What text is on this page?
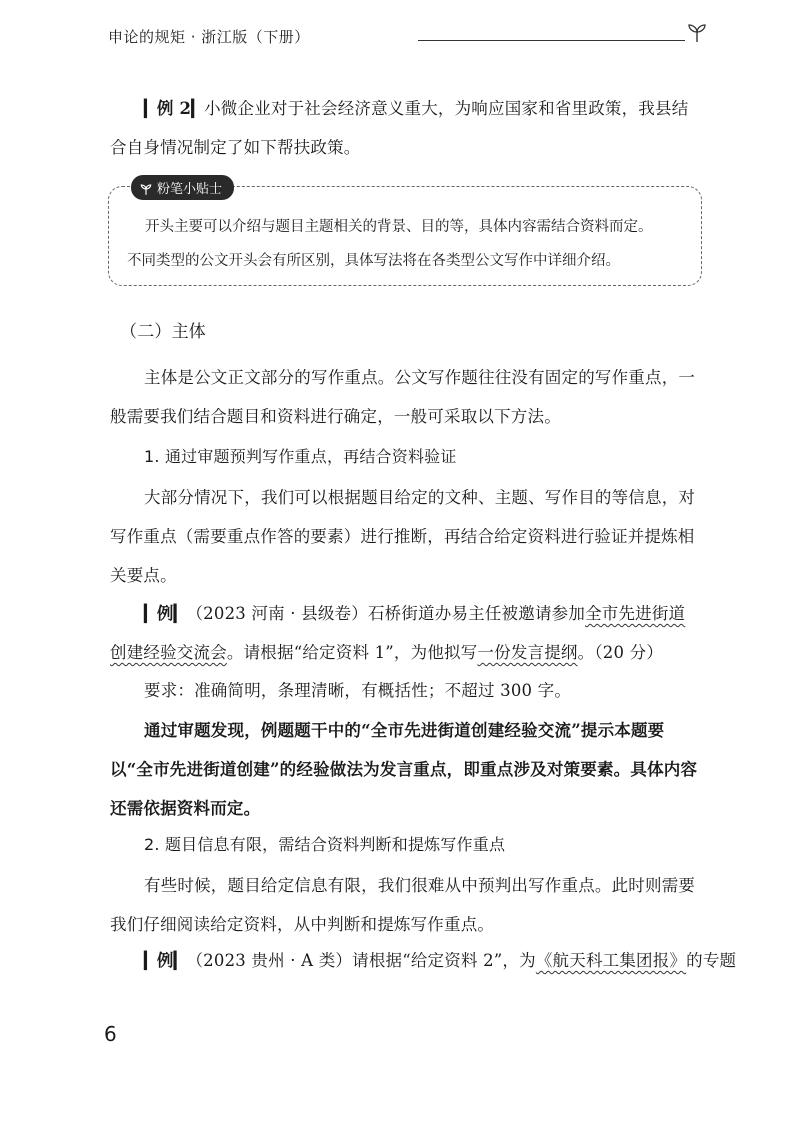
申论的规矩 · 浙江版（下册）

▎例 2▎小微企业对于社会经济意义重大，为响应国家和省里政策，我县结合自身情况制定了如下帮扶政策。

粉笔小贴士
开头主要可以介绍与题目主题相关的背景、目的等，具体内容需结合资料而定。
不同类型的公文开头会有所区别，具体写法将在各类型公文写作中详细介绍。

（二）主体

主体是公文正文部分的写作重点。公文写作题往往没有固定的写作重点，一般需要我们结合题目和资料进行确定，一般可采取以下方法。

1. 通过审题预判写作重点，再结合资料验证

大部分情况下，我们可以根据题目给定的文种、主题、写作目的等信息，对写作重点（需要重点作答的要素）进行推断，再结合给定资料进行验证并提炼相关要点。

▎例▎（2023 河南 · 县级卷）石桥街道办易主任被邀请参加全市先进街道创建经验交流会。请根据“给定资料 1”，为他拟写一份发言提纲。（20 分）

要求：准确简明，条理清晰，有概括性；不超过 300 字。

通过审题发现，例题题干中的“全市先进街道创建经验交流”提示本题要以“全市先进街道创建”的经验做法为发言重点，即重点涉及对策要素。具体内容还需依据资料而定。

2. 题目信息有限，需结合资料判断和提炼写作重点

有些时候，题目给定信息有限，我们很难从中预判出写作重点。此时则需要我们仔细阅读给定资料，从中判断和提炼写作重点。

▎例▎（2023 贵州 · A 类）请根据“给定资料 2”，为《航天科工集团报》的专题

6
